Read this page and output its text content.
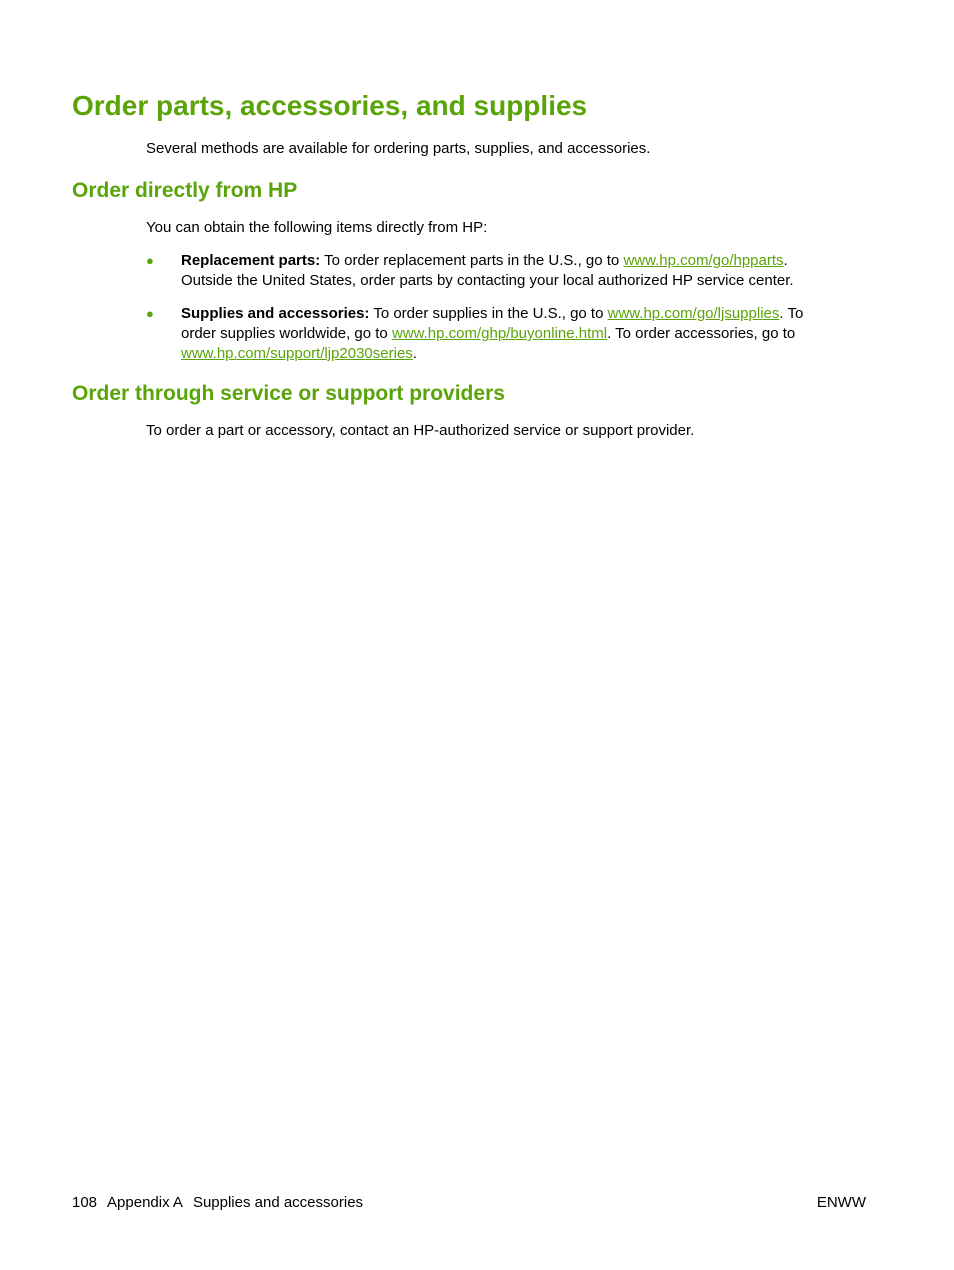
Order parts, accessories, and supplies

Several methods are available for ordering parts, supplies, and accessories.

Order directly from HP

You can obtain the following items directly from HP:

● Replacement parts: To order replacement parts in the U.S., go to www.hp.com/go/hpparts.
Outside the United States, order parts by contacting your local authorized HP service center.
● Supplies and accessories: To order supplies in the U.S., go to www.hp.com/go/ljsupplies. To
order supplies worldwide, go to www.hp.com/ghp/buyonline.html. To order accessories, go to
www.hp.com/support/ljp2030series.
Order through service or support providers

To order a part or accessory, contact an HP-authorized service or support provider.

108 Appendix A Supplies and accessories	ENWW
